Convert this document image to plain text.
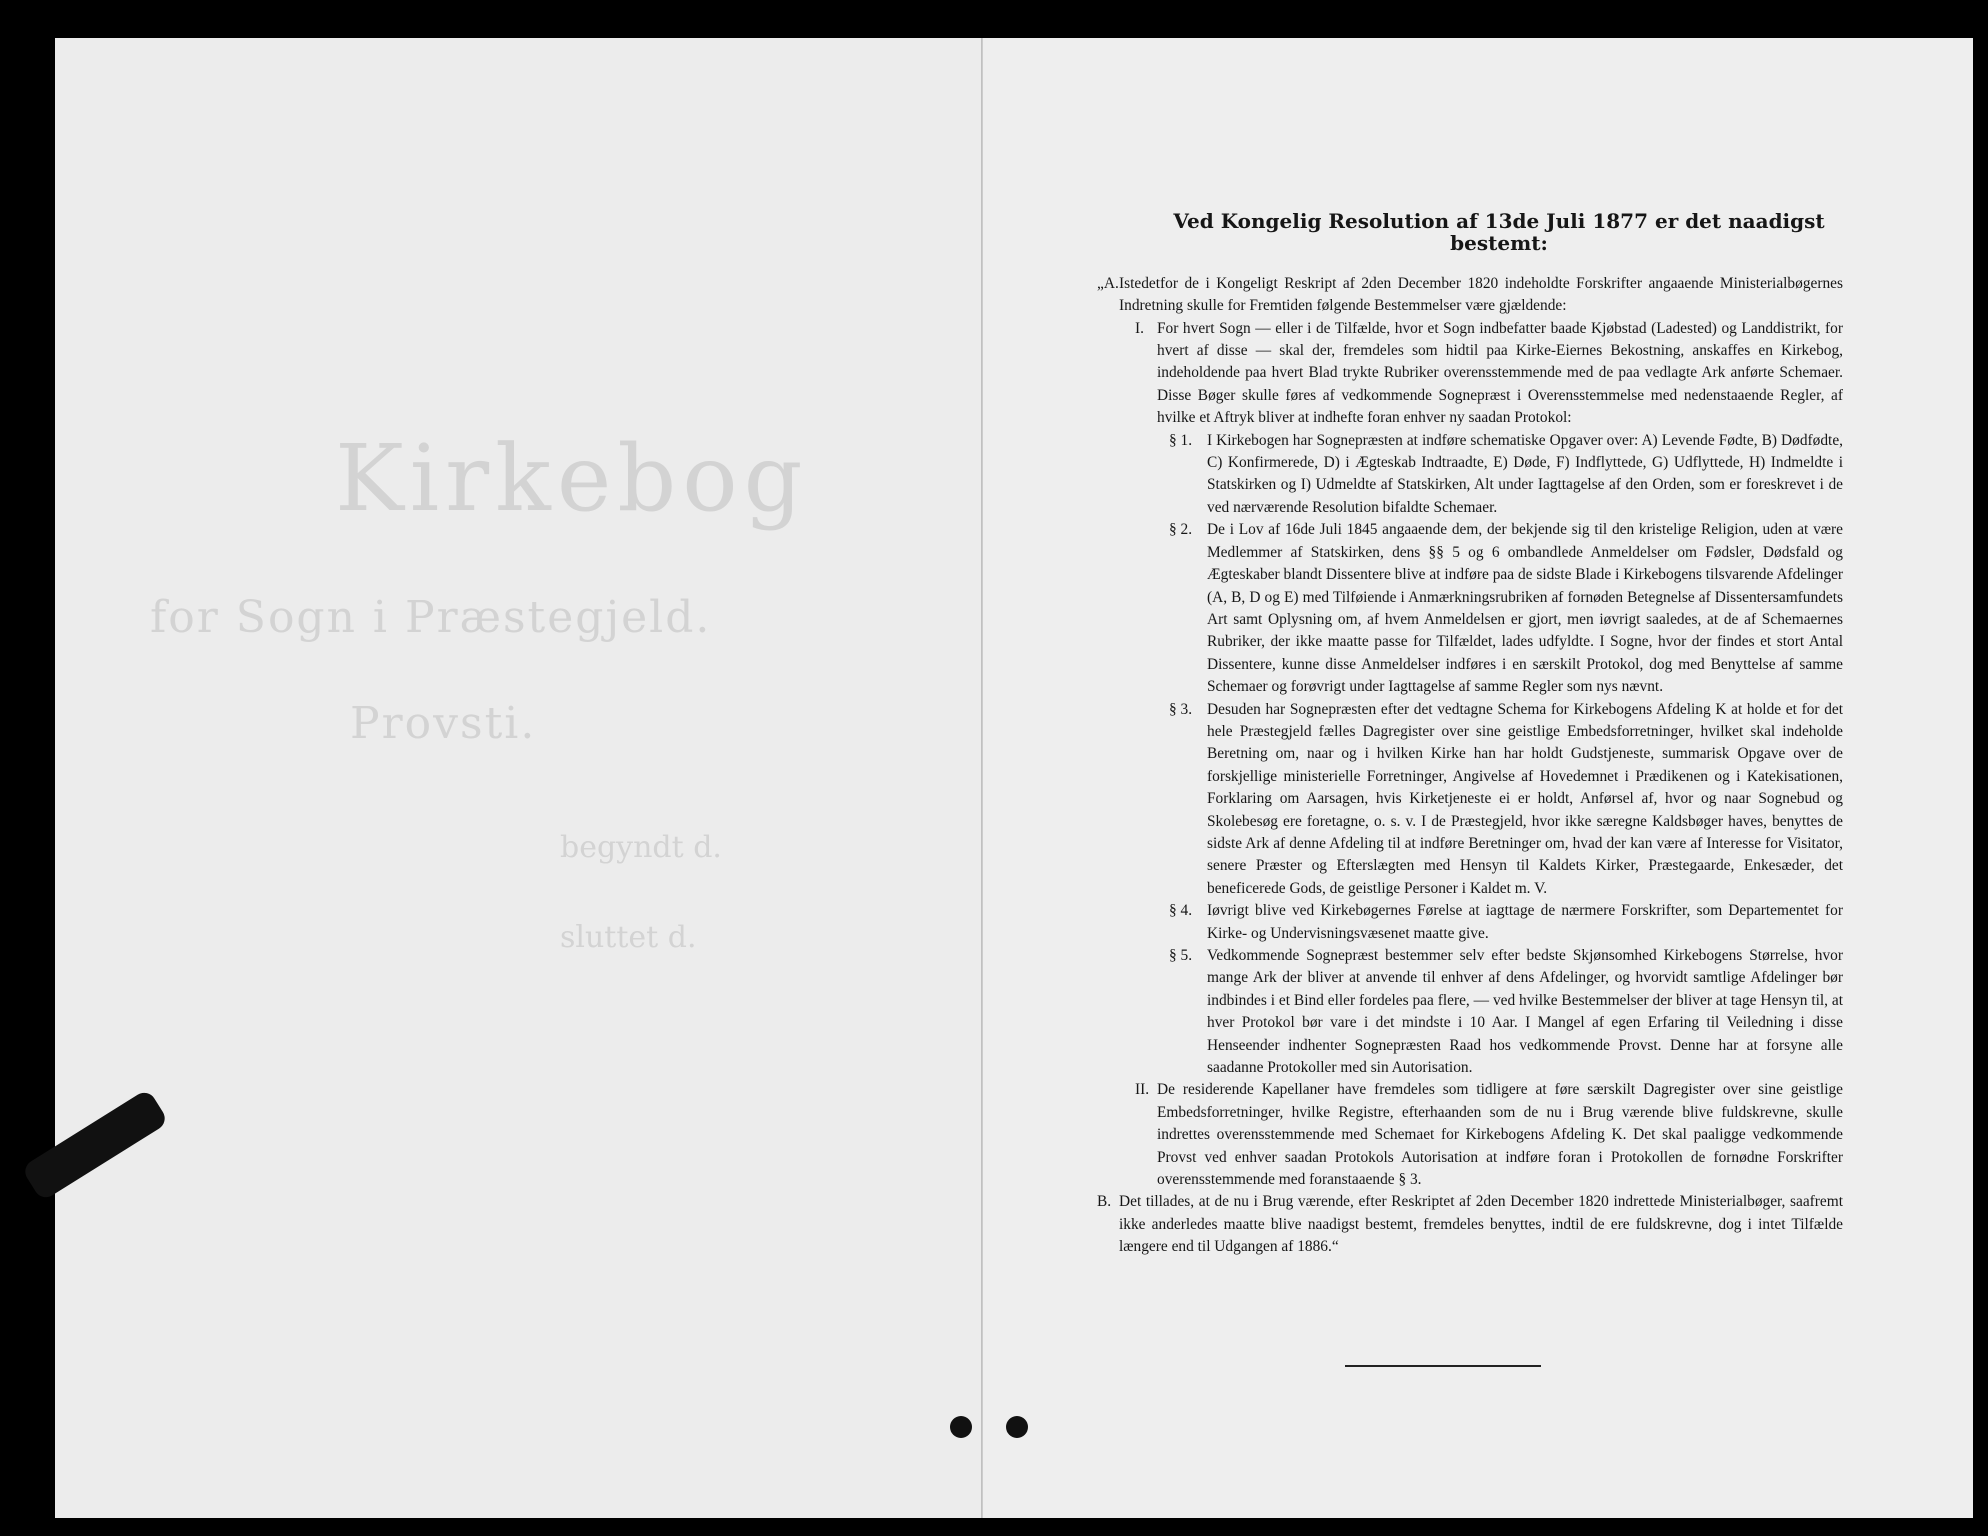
Kirkebog
for Sogn i Præstegjeld.
Provsti.
begyndt d.
sluttet d.
Ved Kongelig Resolution af 13de Juli 1877 er det naadigst bestemt:
„A. Istedetfor de i Kongeligt Reskript af 2den December 1820 indeholdte Forskrifter angaaende Ministerialbøgernes Indretning skulle for Fremtiden følgende Bestemmelser være gjældende:
I. For hvert Sogn — eller i de Tilfælde, hvor et Sogn indbefatter baade Kjøbstad (Ladested) og Landdistrikt, for hvert af disse — skal der, fremdeles som hidtil paa Kirke-Eiernes Bekostning, anskaffes en Kirkebog, indeholdende paa hvert Blad trykte Rubriker overensstemmende med de paa vedlagte Ark anførte Schemaer. Disse Bøger skulle føres af vedkommende Sognepræst i Overensstemmelse med nedenstaaende Regler, af hvilke et Aftryk bliver at indhefte foran enhver ny saadan Protokol:
§ 1. I Kirkebogen har Sognepræsten at indføre schematiske Opgaver over: A) Levende Fødte, B) Dødfødte, C) Konfirmerede, D) i Ægteskab Indtraadte, E) Døde, F) Indflyttede, G) Udflyttede, H) Indmeldte i Statskirken og I) Udmeldte af Statskirken, Alt under Iagttagelse af den Orden, som er foreskrevet i de ved nærværende Resolution bifaldte Schemaer.
§ 2. De i Lov af 16de Juli 1845 angaaende dem, der bekjende sig til den kristelige Religion, uden at være Medlemmer af Statskirken, dens §§ 5 og 6 ombandlede Anmeldelser om Fødsler, Dødsfald og Ægteskaber blandt Dissentere blive at indføre paa de sidste Blade i Kirkebogens tilsvarende Afdelinger (A, B, D og E) med Tilføiende i Anmærkningsrubriken af fornøden Betegnelse af Dissentersamfundets Art samt Oplysning om, af hvem Anmeldelsen er gjort, men iøvrigt saaledes, at de af Schemaernes Rubriker, der ikke maatte passe for Tilfældet, lades udfyldte. I Sogne, hvor der findes et stort Antal Dissentere, kunne disse Anmeldelser indføres i en særskilt Protokol, dog med Benyttelse af samme Schemaer og forøvrigt under Iagttagelse af samme Regler som nys nævnt.
§ 3. Desuden har Sognepræsten efter det vedtagne Schema for Kirkebogens Afdeling K at holde et for det hele Præstegjeld fælles Dagregister over sine geistlige Embedsforretninger, hvilket skal indeholde Beretning om, naar og i hvilken Kirke han har holdt Gudstjeneste, summarisk Opgave over de forskjellige ministerielle Forretninger, Angivelse af Hovedemnet i Prædikenen og i Katekisationen, Forklaring om Aarsagen, hvis Kirketjeneste ei er holdt, Anførsel af, hvor og naar Sognebud og Skolebesøg ere foretagne, o. s. v. I de Præstegjeld, hvor ikke særegne Kaldsbøger haves, benyttes de sidste Ark af denne Afdeling til at indføre Beretninger om, hvad der kan være af Interesse for Visitator, senere Præster og Efterslægten med Hensyn til Kaldets Kirker, Præstegaarde, Enkesæder, det beneficerede Gods, de geistlige Personer i Kaldet m. V.
§ 4. Iøvrigt blive ved Kirkebøgernes Førelse at iagttage de nærmere Forskrifter, som Departementet for Kirke- og Undervisningsvæsenet maatte give.
§ 5. Vedkommende Sognepræst bestemmer selv efter bedste Skjønsomhed Kirkebogens Størrelse, hvor mange Ark der bliver at anvende til enhver af dens Afdelinger, og hvorvidt samtlige Afdelinger bør indbindes i et Bind eller fordeles paa flere, — ved hvilke Bestemmelser der bliver at tage Hensyn til, at hver Protokol bør vare i det mindste i 10 Aar. I Mangel af egen Erfaring til Veiledning i disse Henseender indhenter Sognepræsten Raad hos vedkommende Provst. Denne har at forsyne alle saadanne Protokoller med sin Autorisation.
II. De residerende Kapellaner have fremdeles som tidligere at føre særskilt Dagregister over sine geistlige Embedsforretninger, hvilke Registre, efterhaanden som de nu i Brug værende blive fuldskrevne, skulle indrettes overensstemmende med Schemaet for Kirkebogens Afdeling K. Det skal paaligge vedkommende Provst ved enhver saadan Protokols Autorisation at indføre foran i Protokollen de fornødne Forskrifter overensstemmende med foranstaaende § 3.
B. Det tillades, at de nu i Brug værende, efter Reskriptet af 2den December 1820 indrettede Ministerialbøger, saafremt ikke anderledes maatte blive naadigst bestemt, fremdeles benyttes, indtil de ere fuldskrevne, dog i intet Tilfælde længere end til Udgangen af 1886.“
